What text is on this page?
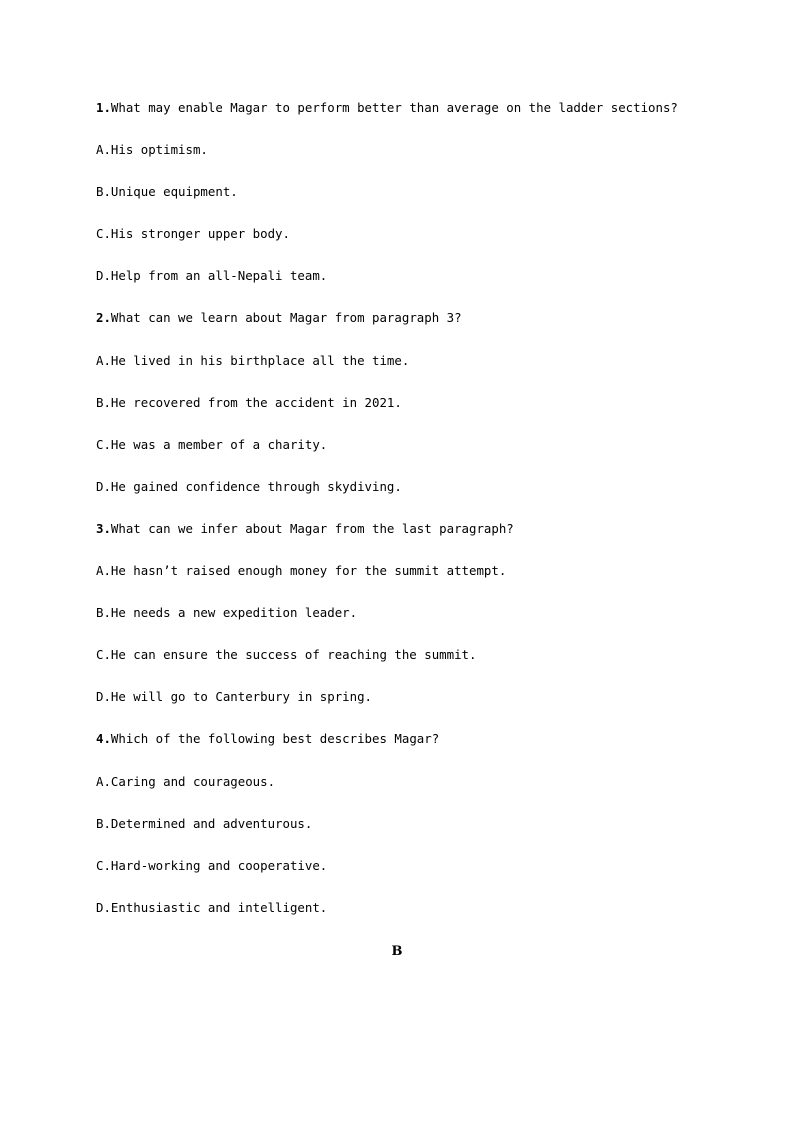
1.What may enable Magar to perform better than average on the ladder sections?
A.His optimism.
B.Unique equipment.
C.His stronger upper body.
D.Help from an all-Nepali team.
2.What can we learn about Magar from paragraph 3?
A.He lived in his birthplace all the time.
B.He recovered from the accident in 2021.
C.He was a member of a charity.
D.He gained confidence through skydiving.
3.What can we infer about Magar from the last paragraph?
A.He hasn’t raised enough money for the summit attempt.
B.He needs a new expedition leader.
C.He can ensure the success of reaching the summit.
D.He will go to Canterbury in spring.
4.Which of the following best describes Magar?
A.Caring and courageous.
B.Determined and adventurous.
C.Hard-working and cooperative.
D.Enthusiastic and intelligent.
B
